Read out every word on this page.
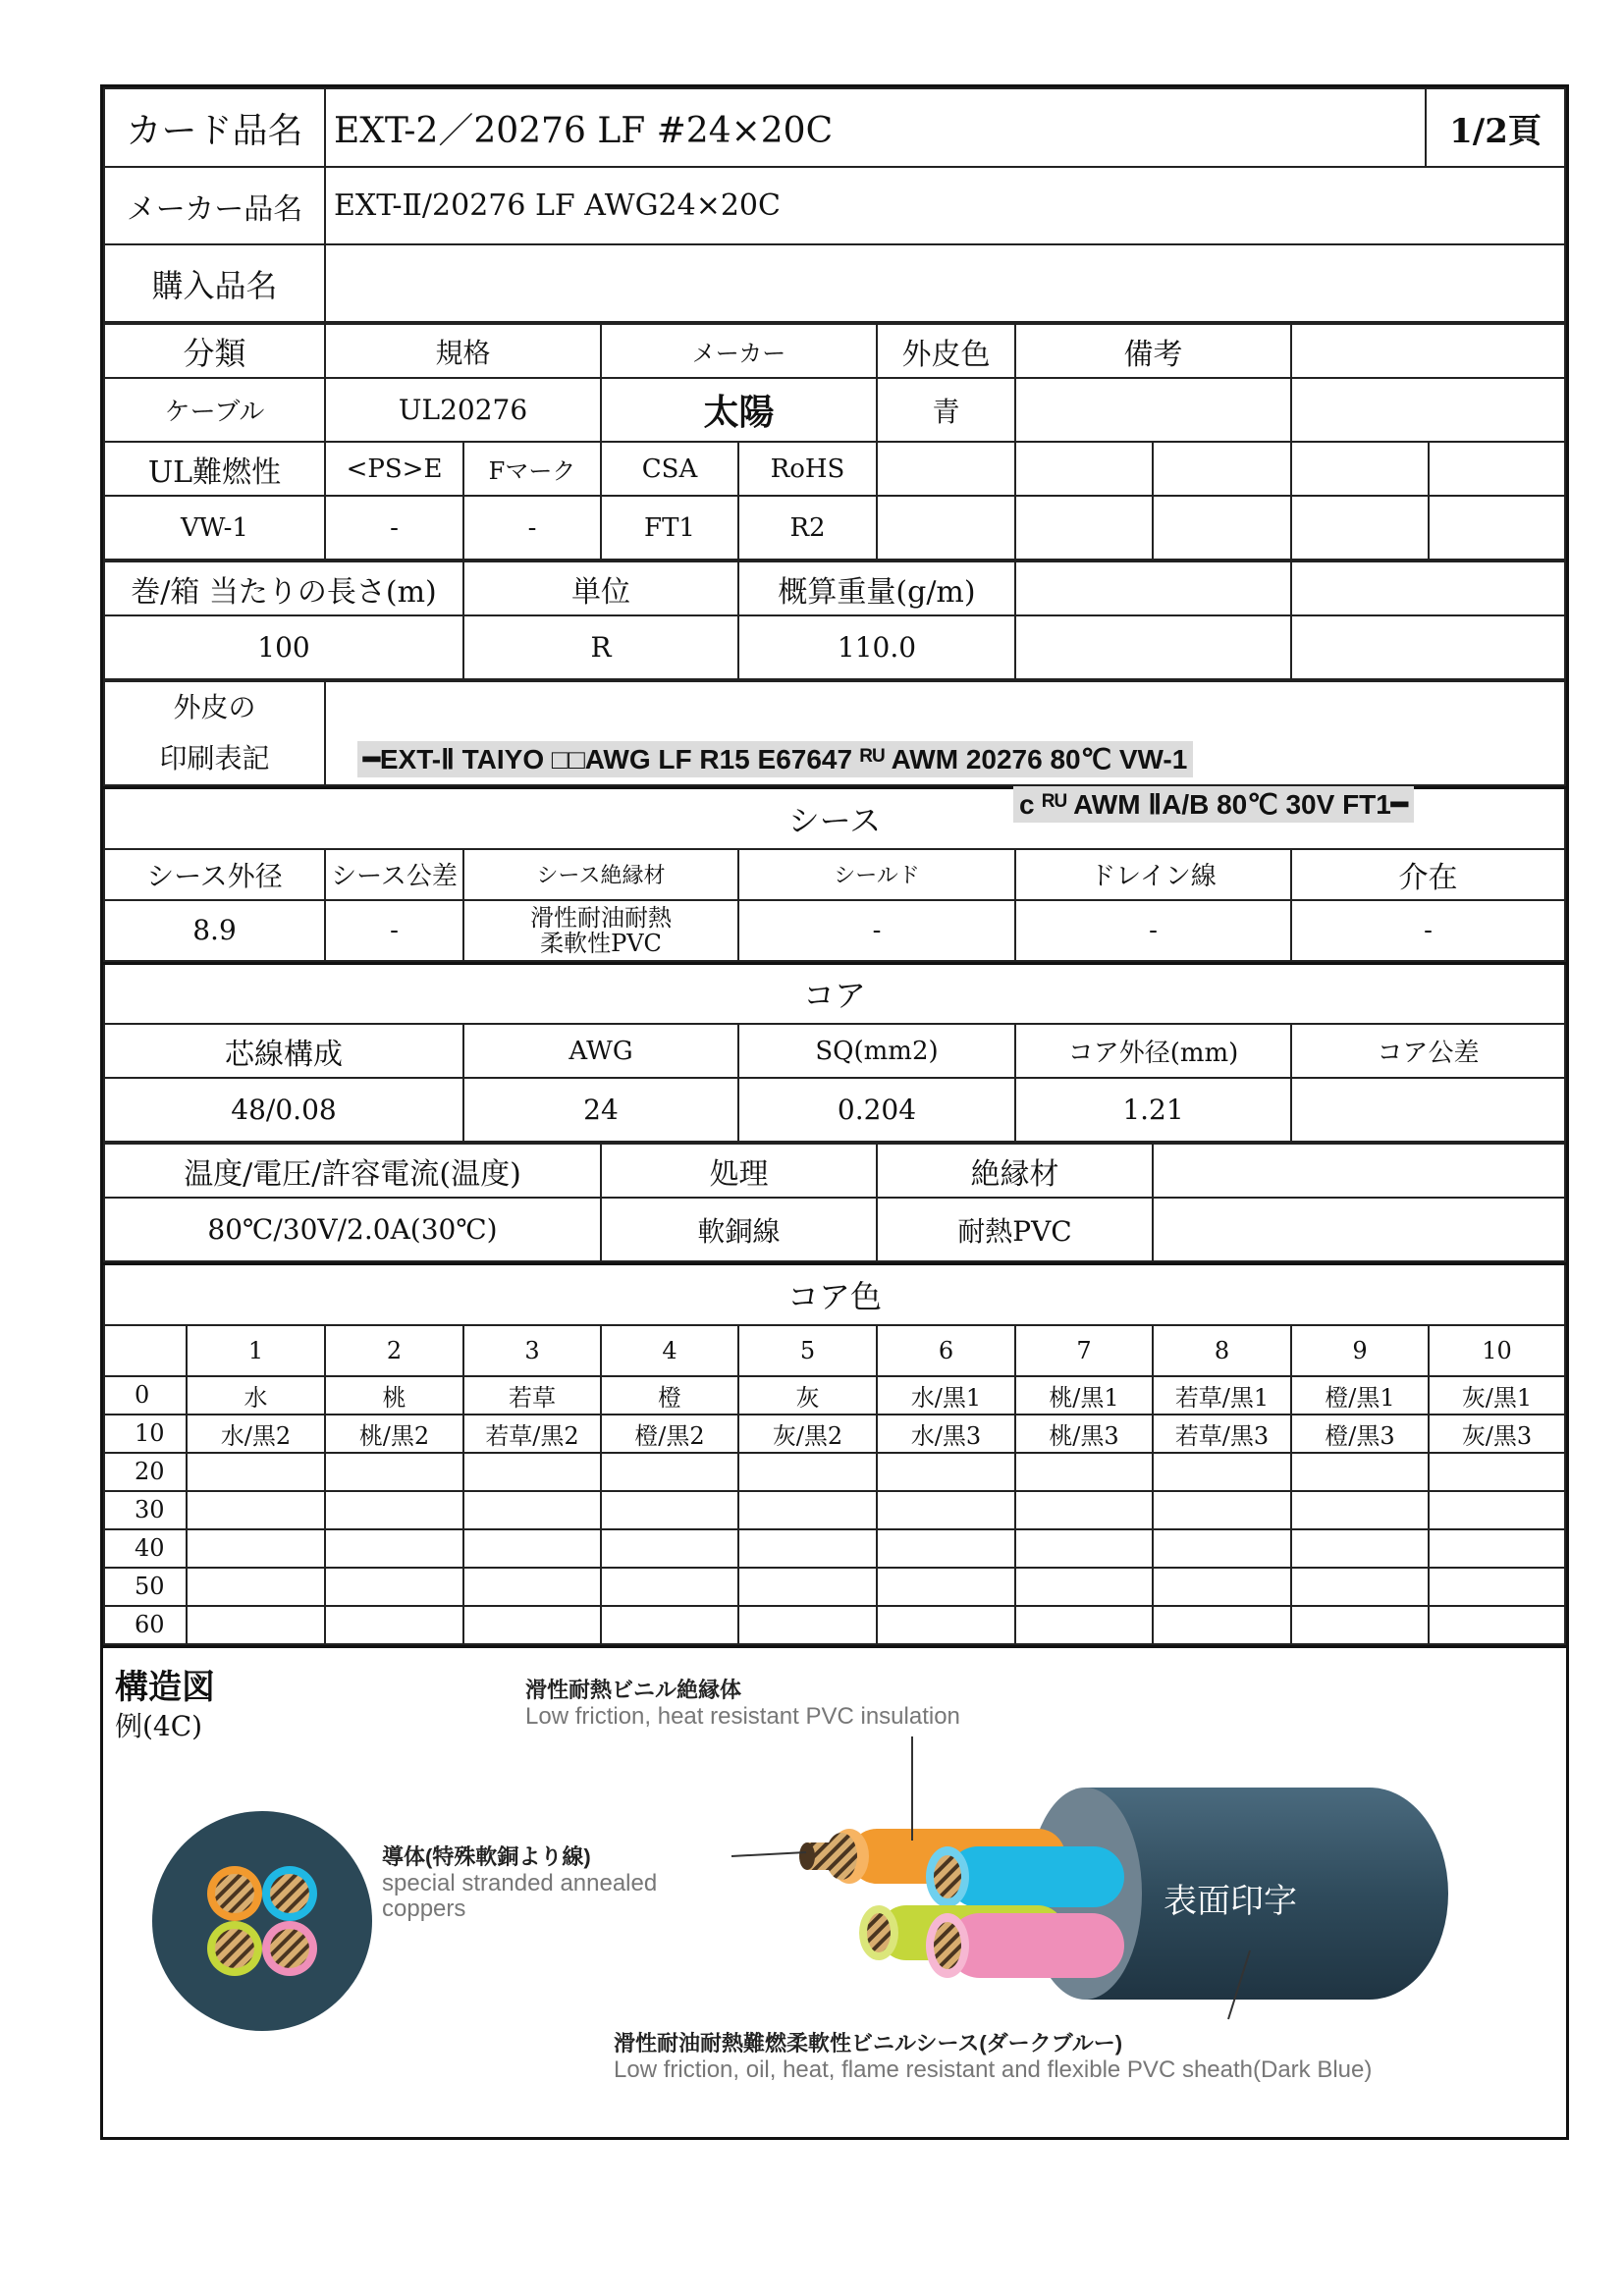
カード品名	EXT-2／20276 LF #24×20C	1/2頁
メーカー品名	EXT-Ⅱ/20276 LF AWG24×20C	
購入品名		
分類	規格		メーカー		外皮色	備考			
ケーブル	UL20276		太陽		青				
UL難燃性	<PS>E	Fマーク	CSA	RoHS					
VW-1	-	-	FT1	R2					
巻/箱 当たりの長さ(m)	単位	概算重量(g/m)		
100	R	110.0		
外皮の
印刷表記	━EXT-Ⅱ TAIYO □□AWG LF R15 E67647 ᴿᵁ AWM 20276 80℃ VW-1
c ᴿᵁ AWM ⅡA/B 80℃ 30V FT1━
シース					
シース外径	シース公差	シース絶縁材	シールド	ドレイン線	介在
8.9	-	滑性耐油耐熱
柔軟性PVC	-	-	-
コア				
芯線構成	AWG	SQ(mm2)	コア外径(mm)	コア公差
48/0.08	24	0.204	1.21	
温度/電圧/許容電流(温度)	処理	絶縁材	
80℃/30V/2.0A(30℃)	軟銅線	耐熱PVC	
コア色										
	1	2	3	4	5	6	7	8	9	10
0	水	桃	若草	橙	灰	水/黒1	桃/黒1	若草/黒1	橙/黒1	灰/黒1
10	水/黒2	桃/黒2	若草/黒2	橙/黒2	灰/黒2	水/黒3	桃/黒3	若草/黒3	橙/黒3	灰/黒3
20										
30										
40										
50										
60										
構造図
例(4C)
滑性耐熱ビニル絶縁体
Low friction, heat resistant PVC insulation
導体(特殊軟銅より線)
special stranded annealed
coppers	表面印字
滑性耐油耐熱難燃柔軟性ビニルシース(ダークブルー)
Low friction, oil, heat, flame resistant and flexible PVC sheath(Dark Blue)
